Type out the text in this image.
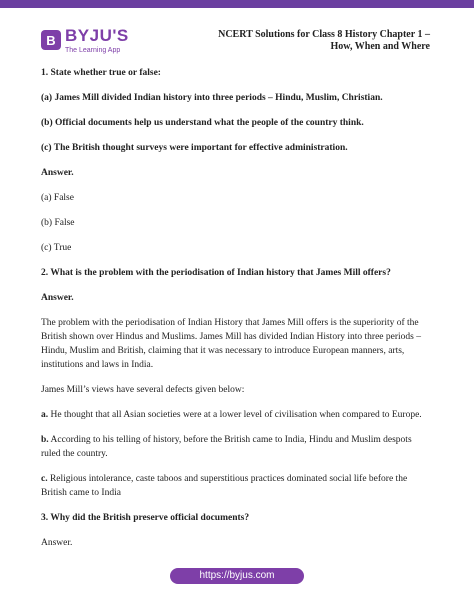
B BYJU'S
The Learning App
NCERT Solutions for Class 8 History Chapter 1 –
How, When and Where

1. State whether true or false:

(a) James Mill divided Indian history into three periods – Hindu, Muslim, Christian.

(b) Official documents help us understand what the people of the country think.

(c) The British thought surveys were important for effective administration.

Answer.

(a) False

(b) False

(c) True

2. What is the problem with the periodisation of Indian history that James Mill offers?

Answer.

The problem with the periodisation of Indian History that James Mill offers is the superiority of the British shown over Hindus and Muslims. James Mill has divided Indian History into three periods – Hindu, Muslim and British, claiming that it was necessary to introduce European manners, arts, institutions and laws in India.

James Mill’s views have several defects given below:

a. He thought that all Asian societies were at a lower level of civilisation when compared to Europe.

b. According to his telling of history, before the British came to India, Hindu and Muslim despots ruled the country.

c. Religious intolerance, caste taboos and superstitious practices dominated social life before the British came to India

3. Why did the British preserve official documents?

Answer.

https://byjus.com
